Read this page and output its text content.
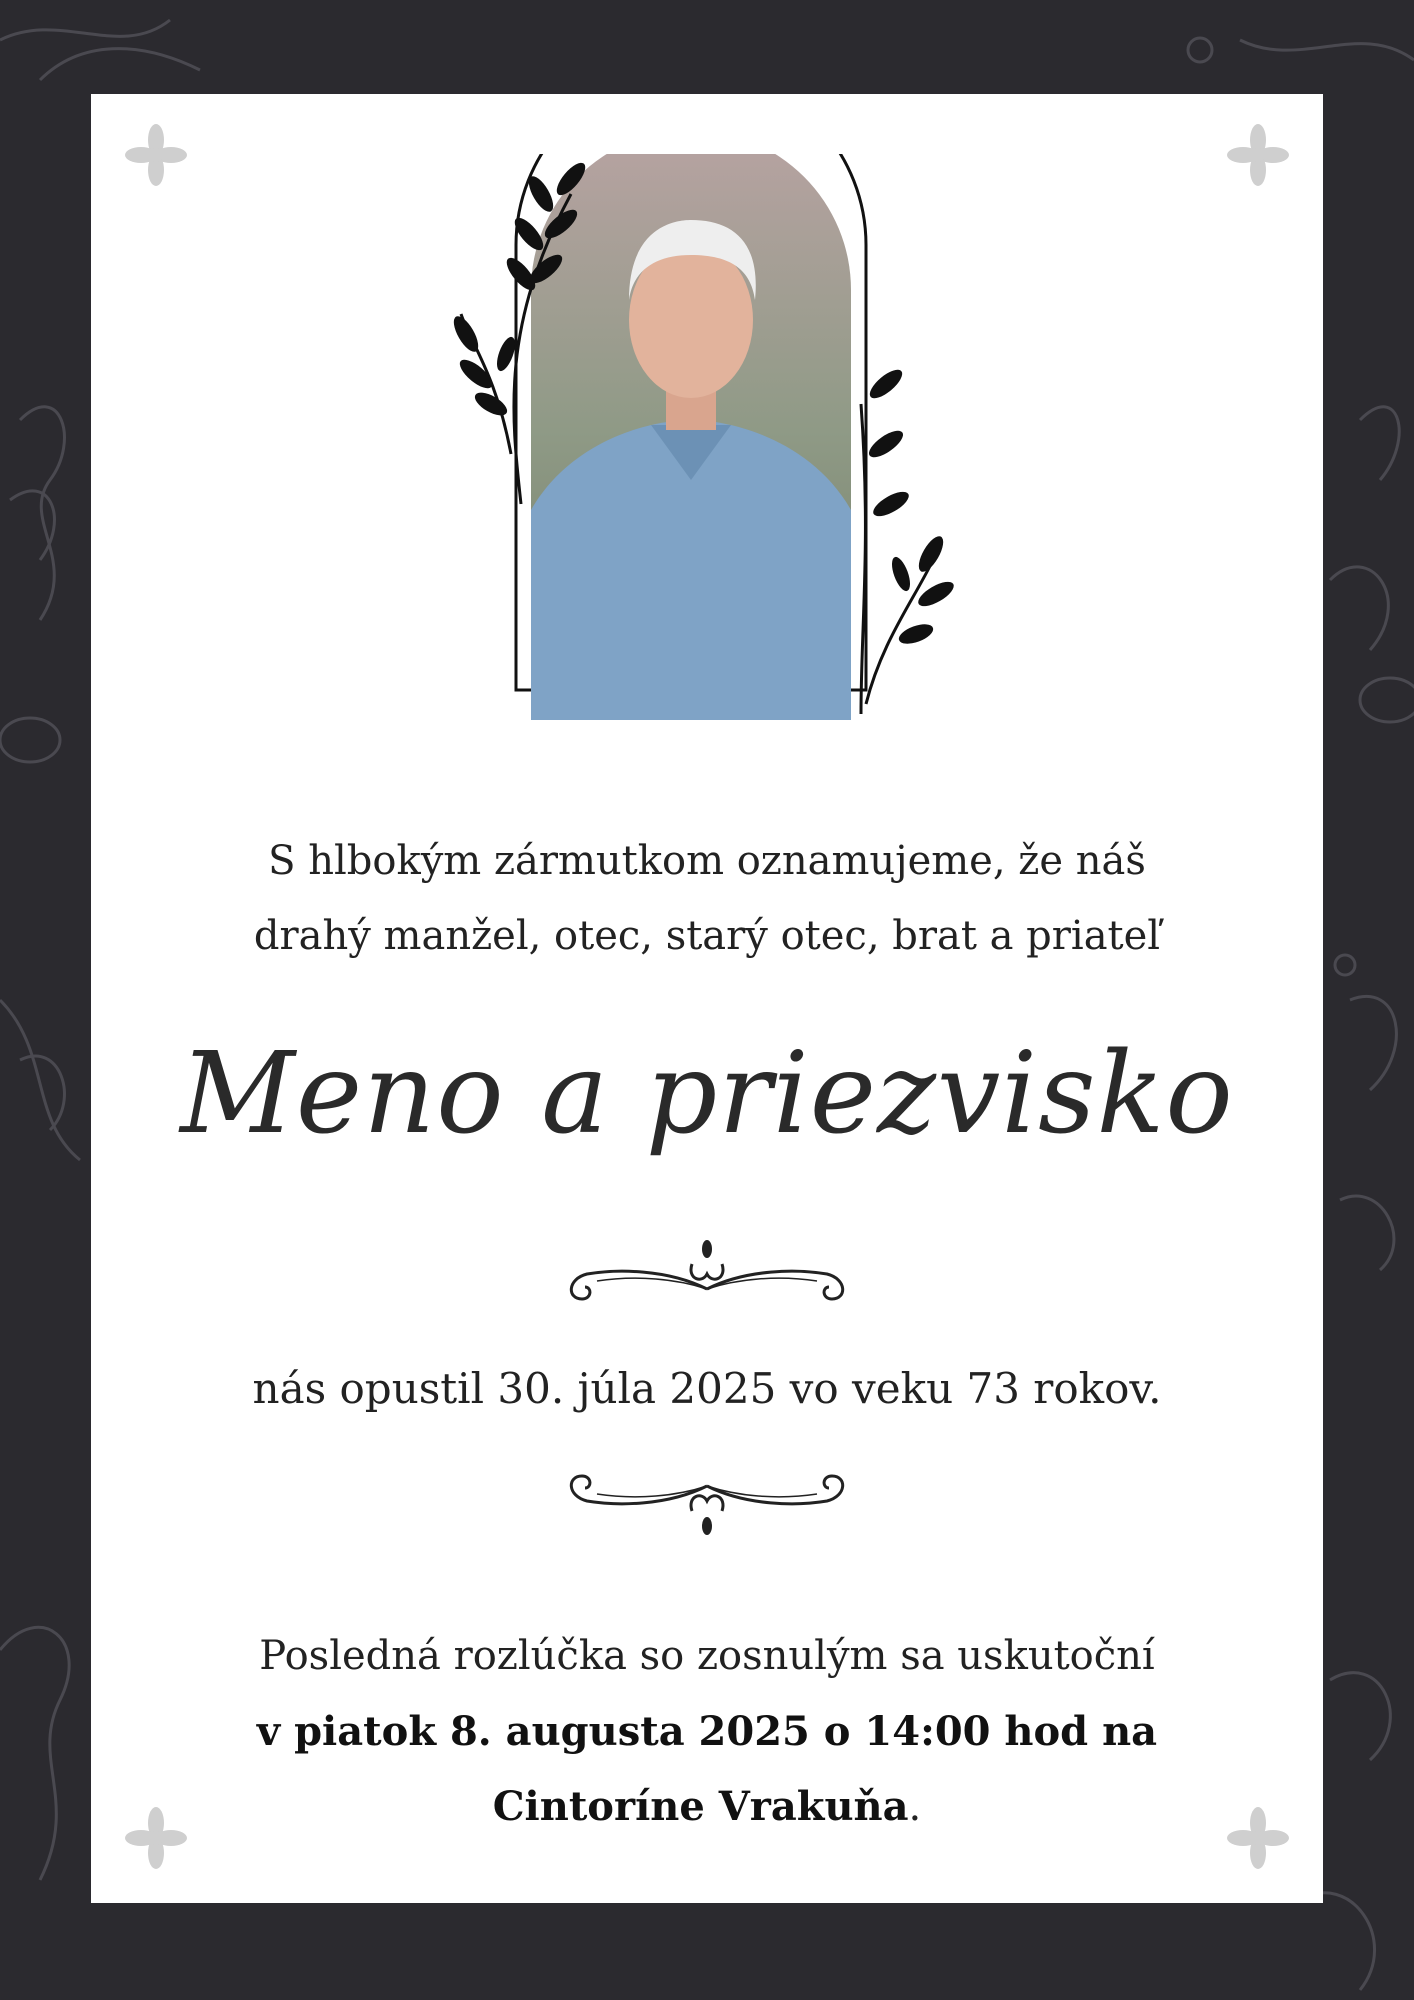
S hlbokým zármutkom oznamujeme, že náš
drahý manžel, otec, starý otec, brat a priateľ
Meno a priezvisko
nás opustil 30. júla 2025 vo veku 73 rokov.
Posledná rozlúčka so zosnulým sa uskutoční
v piatok 8. augusta 2025 o 14:00 hod na
Cintoríne Vrakuňa.
